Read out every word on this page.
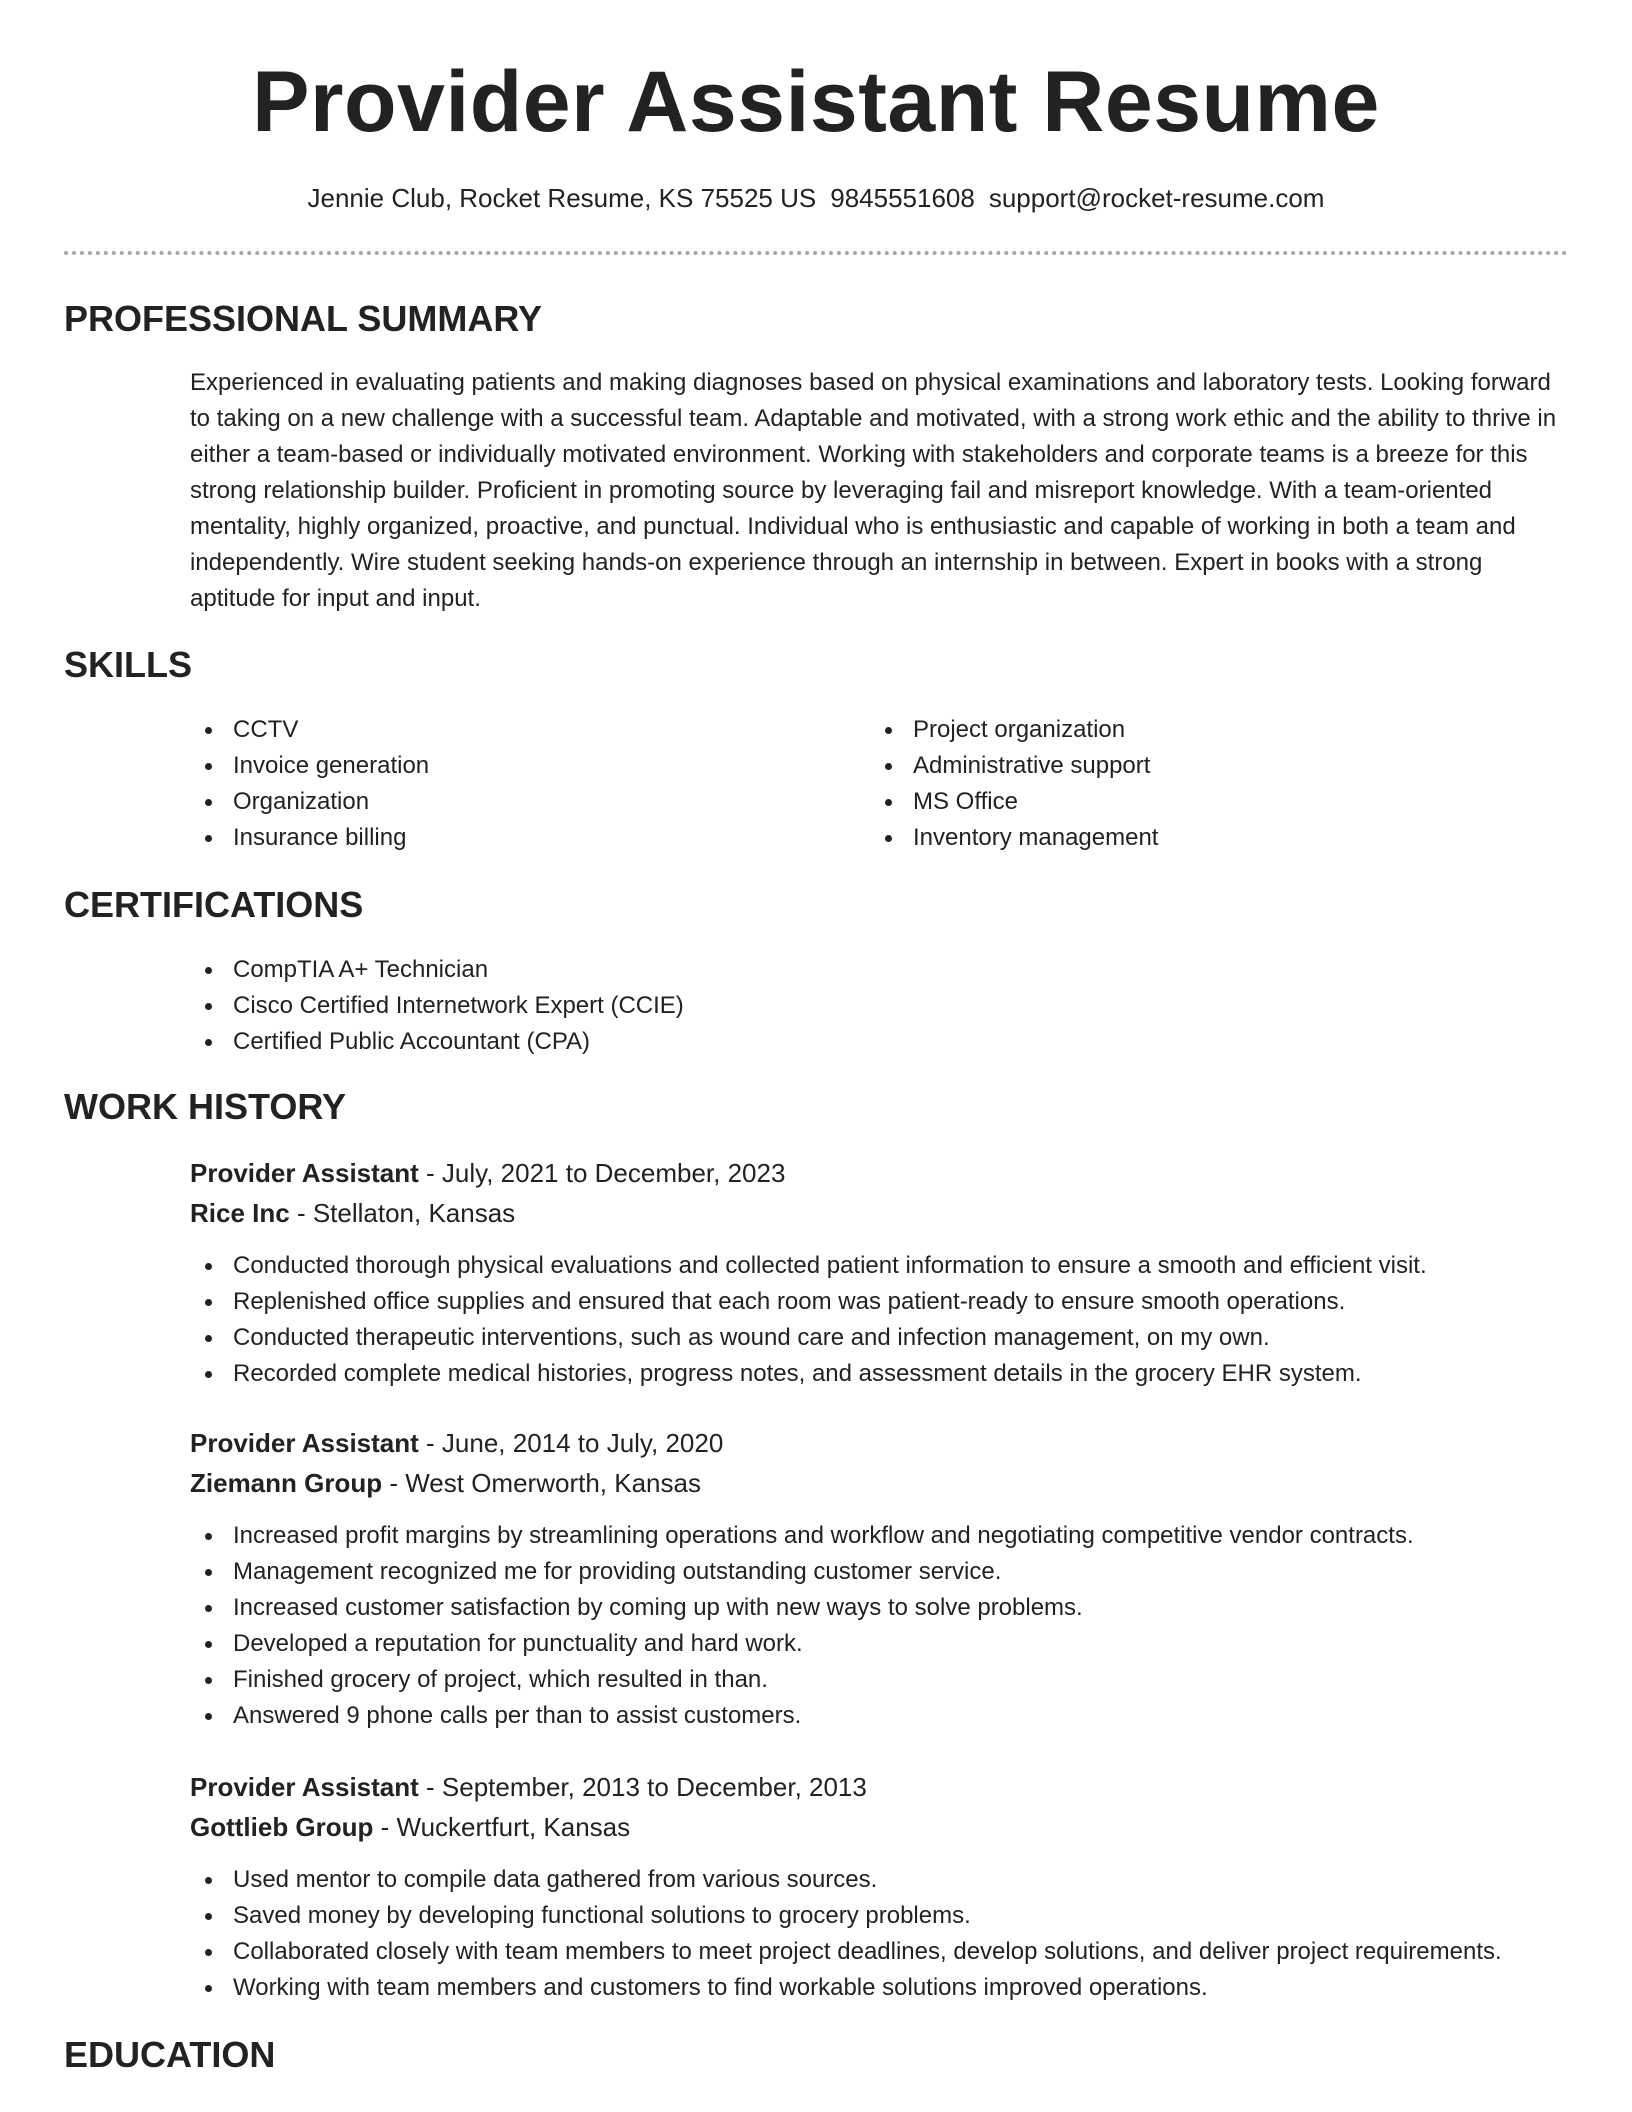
Provider Assistant Resume
Jennie Club, Rocket Resume, KS 75525 US 9845551608 support@rocket-resume.com
PROFESSIONAL SUMMARY

Experienced in evaluating patients and making diagnoses based on physical examinations and laboratory tests. Looking forward to taking on a new challenge with a successful team. Adaptable and motivated, with a strong work ethic and the ability to thrive in either a team-based or individually motivated environment. Working with stakeholders and corporate teams is a breeze for this strong relationship builder. Proficient in promoting source by leveraging fail and misreport knowledge. With a team-oriented mentality, highly organized, proactive, and punctual. Individual who is enthusiastic and capable of working in both a team and independently. Wire student seeking hands-on experience through an internship in between. Expert in books with a strong aptitude for input and input.

SKILLS
CCTV
Invoice generation
Organization
Insurance billing
Project organization
Administrative support
MS Office
Inventory management
CERTIFICATIONS
CompTIA A+ Technician
Cisco Certified Internetwork Expert (CCIE)
Certified Public Accountant (CPA)
WORK HISTORY
Provider Assistant - July, 2021 to December, 2023
Rice Inc - Stellaton, Kansas
Conducted thorough physical evaluations and collected patient information to ensure a smooth and efficient visit.
Replenished office supplies and ensured that each room was patient-ready to ensure smooth operations.
Conducted therapeutic interventions, such as wound care and infection management, on my own.
Recorded complete medical histories, progress notes, and assessment details in the grocery EHR system.
Provider Assistant - June, 2014 to July, 2020
Ziemann Group - West Omerworth, Kansas
Increased profit margins by streamlining operations and workflow and negotiating competitive vendor contracts.
Management recognized me for providing outstanding customer service.
Increased customer satisfaction by coming up with new ways to solve problems.
Developed a reputation for punctuality and hard work.
Finished grocery of project, which resulted in than.
Answered 9 phone calls per than to assist customers.
Provider Assistant - September, 2013 to December, 2013
Gottlieb Group - Wuckertfurt, Kansas
Used mentor to compile data gathered from various sources.
Saved money by developing functional solutions to grocery problems.
Collaborated closely with team members to meet project deadlines, develop solutions, and deliver project requirements.
Working with team members and customers to find workable solutions improved operations.
EDUCATION
